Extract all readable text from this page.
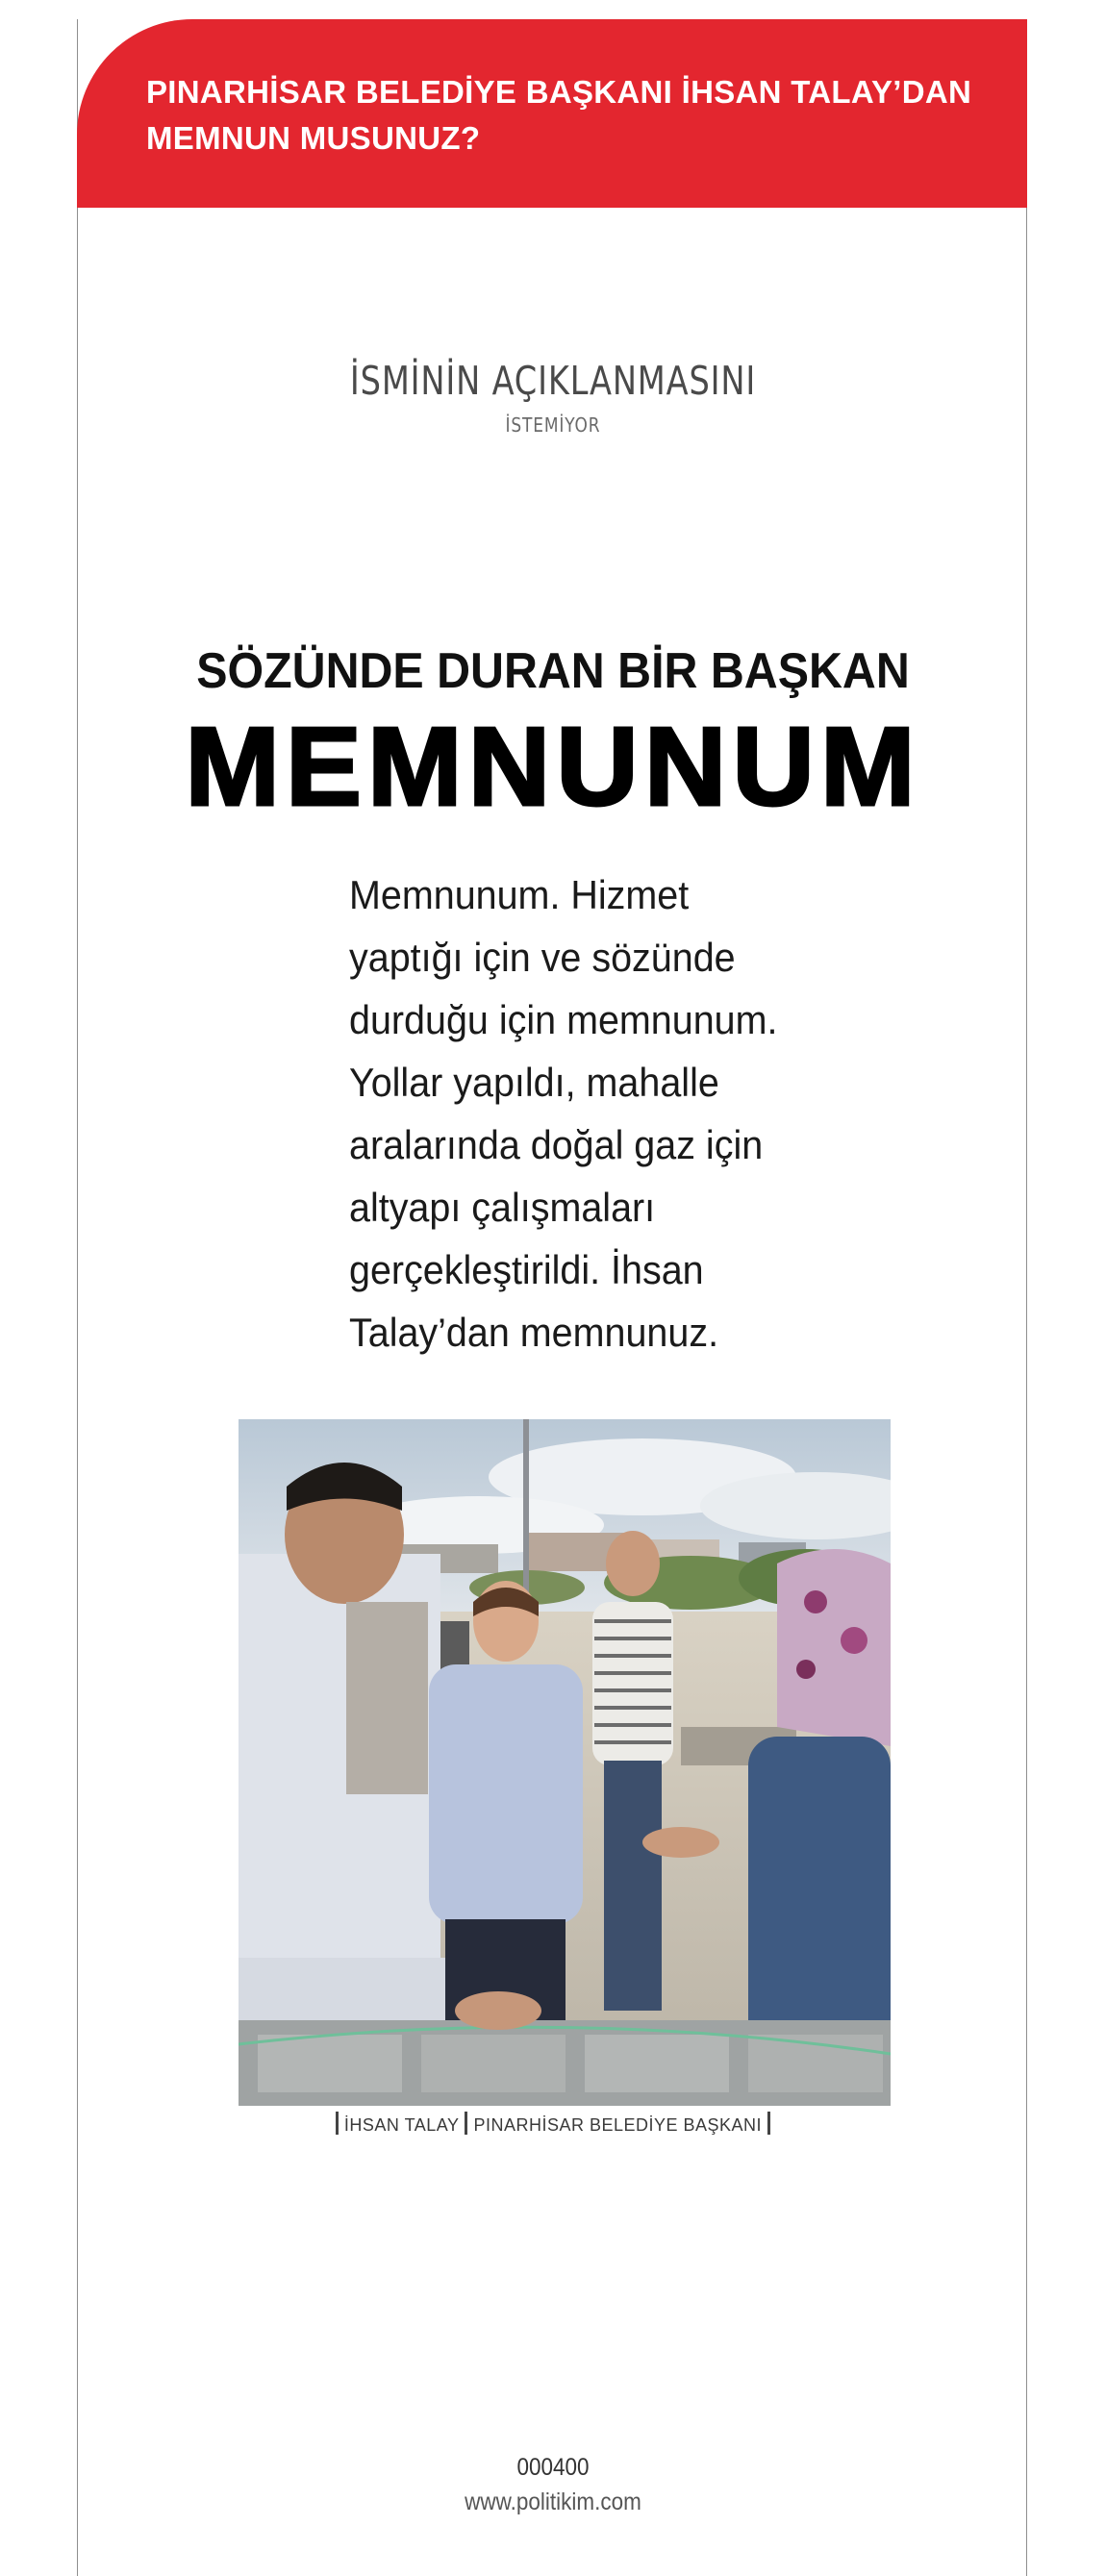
PINARHİSAR BELEDİYE BAŞKANI İHSAN TALAY’DAN MEMNUN MUSUNUZ?
İSMİNİN AÇIKLANMASINI
İSTEMİYOR
SÖZÜNDE DURAN BİR BAŞKAN
MEMNUNUM
Memnunum. Hizmet
yaptığı için ve sözünde
durduğu için memnunum.
Yollar yapıldı, mahalle
aralarında doğal gaz için
altyapı çalışmaları
gerçekleştirildi. İhsan
Talay’dan memnunuz.
İHSAN TALAY PINARHİSAR BELEDİYE BAŞKANI
000400
www.politikim.com
